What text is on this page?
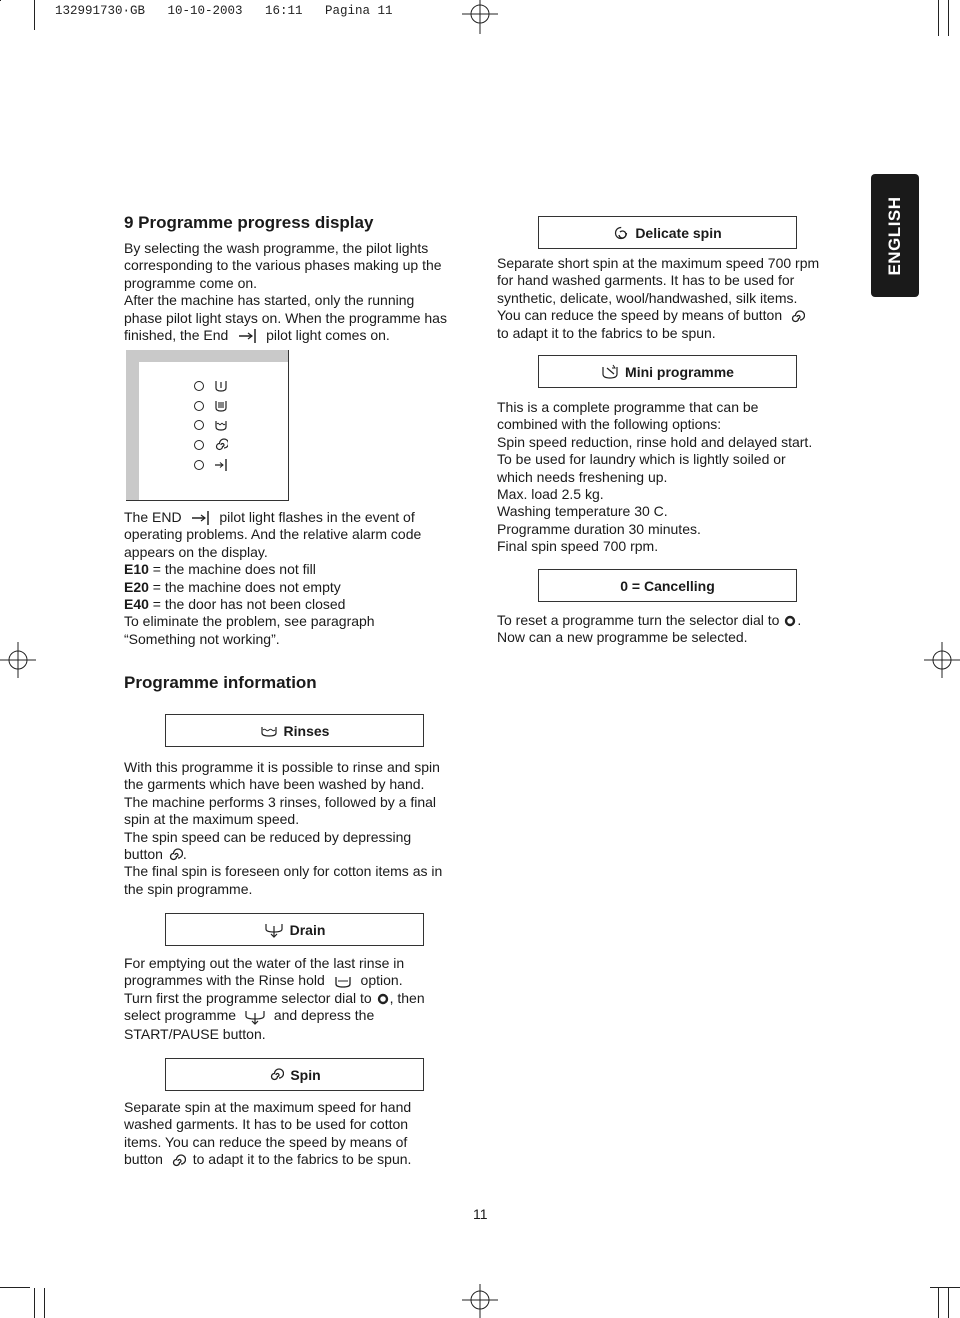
132991730·GB   10-10-2003   16:11   Pagina 11
ENGLISH
9 Programme progress display

By selecting the wash programme, the pilot lights

corresponding to the various phases making up the

programme come on.

After the machine has started, only the running

phase pilot light stays on. When the programme has

finished, the End	pilot light comes on.

The END	pilot light flashes in the event of

operating problems. And the relative alarm code

appears on the display.

E10 = the machine does not fill

E20 = the machine does not empty

E40 = the door has not been closed

To eliminate the problem, see paragraph

“Something not working”.

Programme information
Rinses

With this programme it is possible to rinse and spin

the garments which have been washed by hand.

The machine performs 3 rinses, followed by a final

spin at the maximum speed.

The spin speed can be reduced by depressing

button .

The final spin is foreseen only for cotton items as in

the spin programme.

Drain

For emptying out the water of the last rinse in

programmes with the Rinse hold	option.

Turn first the programme selector dial to , then

select programme	and depress the

START/PAUSE button.

Spin

Separate spin at the maximum speed for hand

washed garments. It has to be used for cotton

items. You can reduce the speed by means of

button to adapt it to the fabrics to be spun.

Delicate spin

Separate short spin at the maximum speed 700 rpm

for hand washed garments. It has to be used for

synthetic, delicate, wool/handwashed, silk items.

You can reduce the speed by means of button

to adapt it to the fabrics to be spun.

Mini programme

This is a complete programme that can be

combined with the following options:

Spin speed reduction, rinse hold and delayed start.

To be used for laundry which is lightly soiled or

which needs freshening up.

Max. load 2.5 kg.

Washing temperature 30 C.

Programme duration 30 minutes.

Final spin speed 700 rpm.

0 = Cancelling

To reset a programme turn the selector dial to .

Now can a new programme be selected.

11
